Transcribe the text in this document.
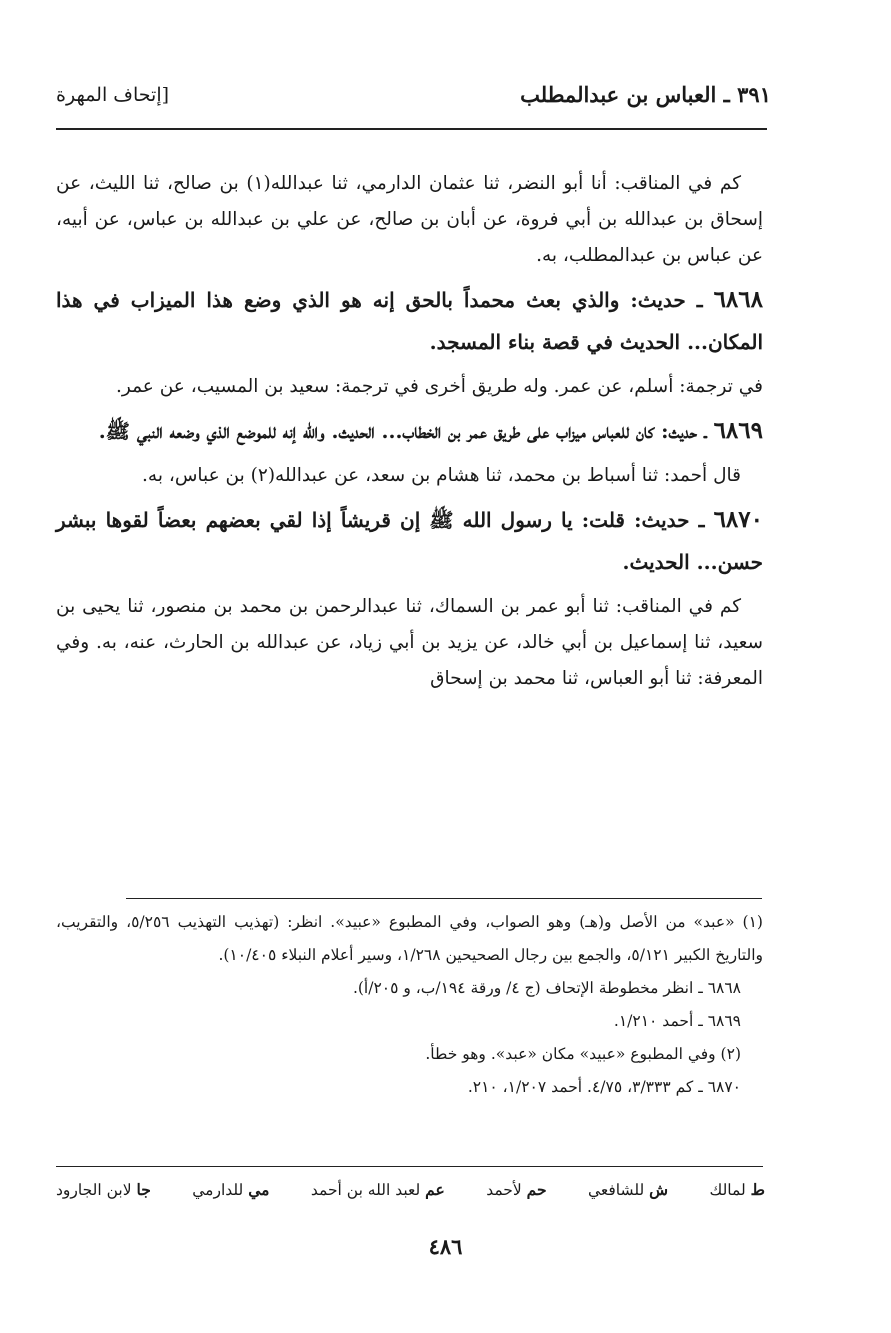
٣٩١ ـ العباس بن عبدالمطلب
[إتحاف المهرة

كم في المناقب: أنا أبو النضر، ثنا عثمان الدارمي، ثنا عبدالله(١) بن صالح، ثنا الليث، عن إسحاق بن عبدالله بن أبي فروة، عن أبان بن صالح، عن علي بن عبدالله بن عباس، عن أبيه، عن عباس بن عبدالمطلب، به.

٦٨٦٨ ـ حديث: والذي بعث محمداً بالحق إنه هو الذي وضع هذا الميزاب في هذا المكان... الحديث في قصة بناء المسجد.

في ترجمة: أسلم، عن عمر. وله طريق أخرى في ترجمة: سعيد بن المسيب، عن عمر.

٦٨٦٩ ـ حديث: كان للعباس ميزاب على طريق عمر بن الخطاب... الحديث. والله إنه للموضع الذي وضعه النبي ﷺ.

قال أحمد: ثنا أسباط بن محمد، ثنا هشام بن سعد، عن عبدالله(٢) بن عباس، به.

٦٨٧٠ ـ حديث: قلت: يا رسول الله ﷺ إن قريشاً إذا لقي بعضهم بعضاً لقوها ببشر حسن... الحديث.

كم في المناقب: ثنا أبو عمر بن السماك، ثنا عبدالرحمن بن محمد بن منصور، ثنا يحيى بن سعيد، ثنا إسماعيل بن أبي خالد، عن يزيد بن أبي زياد، عن عبدالله بن الحارث، عنه، به. وفي المعرفة: ثنا أبو العباس، ثنا محمد بن إسحاق

(١) «عبد» من الأصل و(هـ) وهو الصواب، وفي المطبوع «عبيد». انظر: (تهذيب التهذيب ٥/٢٥٦، والتقريب، والتاريخ الكبير ٥/١٢١، والجمع بين رجال الصحيحين ١/٢٦٨، وسير أعلام النبلاء ١٠/٤٠٥).

٦٨٦٨ ـ انظر مخطوطة الإتحاف (ج ٤/ ورقة ١٩٤/ب، و ٢٠٥/أ).

٦٨٦٩ ـ أحمد ١/٢١٠.

(٢) وفي المطبوع «عبيد» مكان «عبد». وهو خطأ.

٦٨٧٠ ـ كم ٣/٣٣٣، ٤/٧٥. أحمد ١/٢٠٧، ٢١٠.

ط لمالك
ش للشافعي
حم لأحمد
عم لعبد الله بن أحمد
مي للدارمي
جا لابن الجارود
٤٨٦
